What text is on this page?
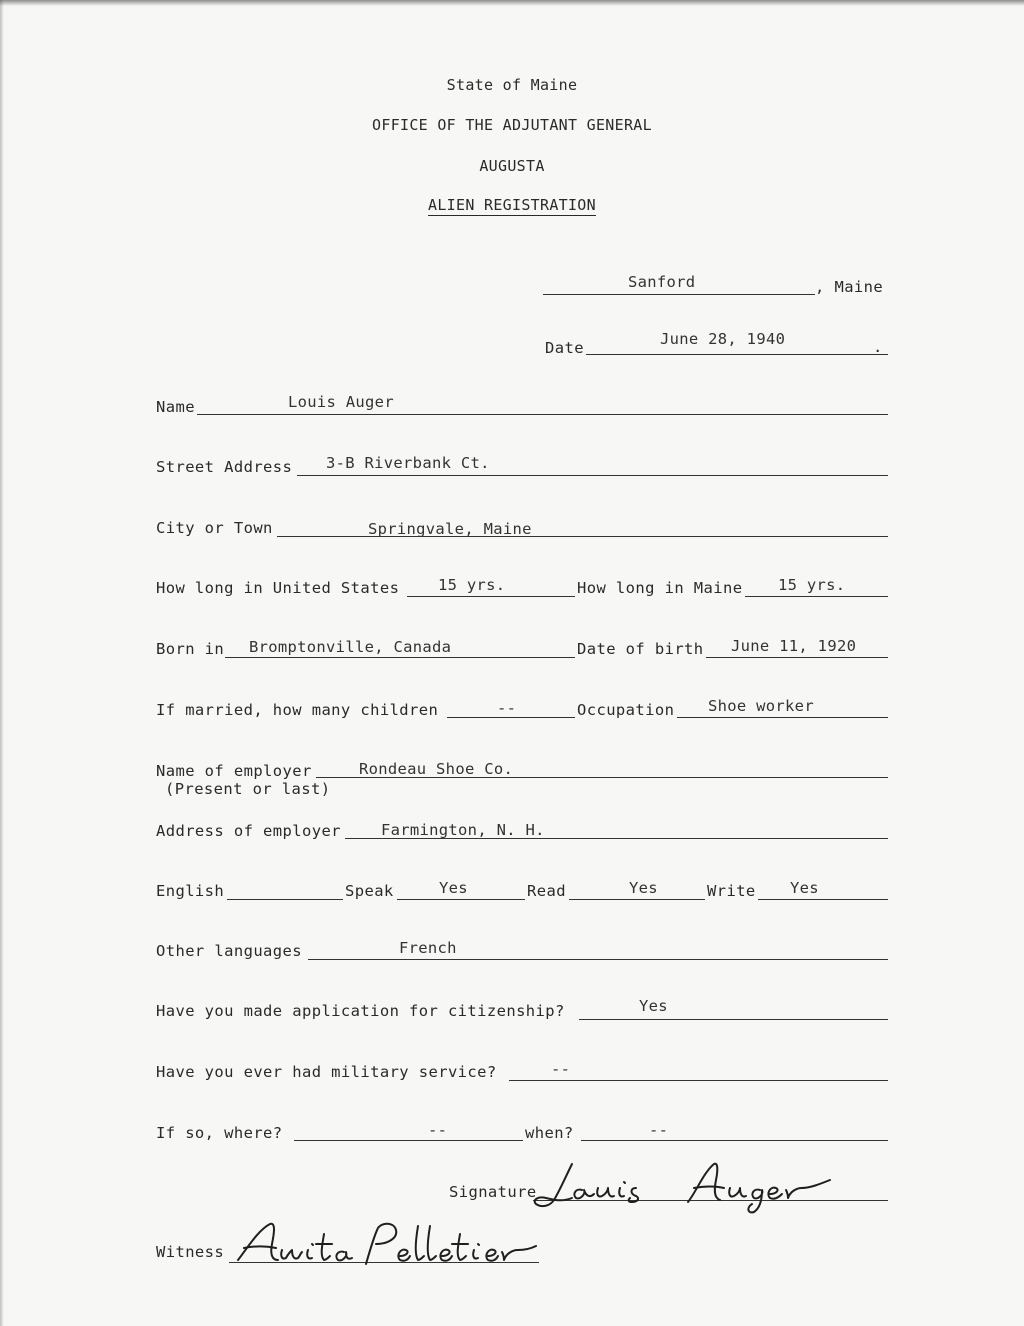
State of Maine
OFFICE OF THE ADJUTANT GENERAL
AUGUSTA
ALIEN REGISTRATION
Sanford	, Maine
Date	June 28, 1940	.
Name	Louis Auger
Street Address 3-B Riverbank Ct.
City or Town	Springvale, Maine
How long in United States 15 yrs.	How long in Maine 15 yrs.
Born in Bromptonville, Canada	Date of birth June 11, 1920
If married, how many children	--	Occupation Shoe worker
Name of employer	Rondeau Shoe Co.
(Present or last)
Address of employer	Farmington, N. H.
English	Speak	Yes	Read	Yes	Write Yes
Other languages	French
Have you made application for citizenship?	Yes
Have you ever had military service?	--
If so, where?	--	when?	--
Signature
Witness
